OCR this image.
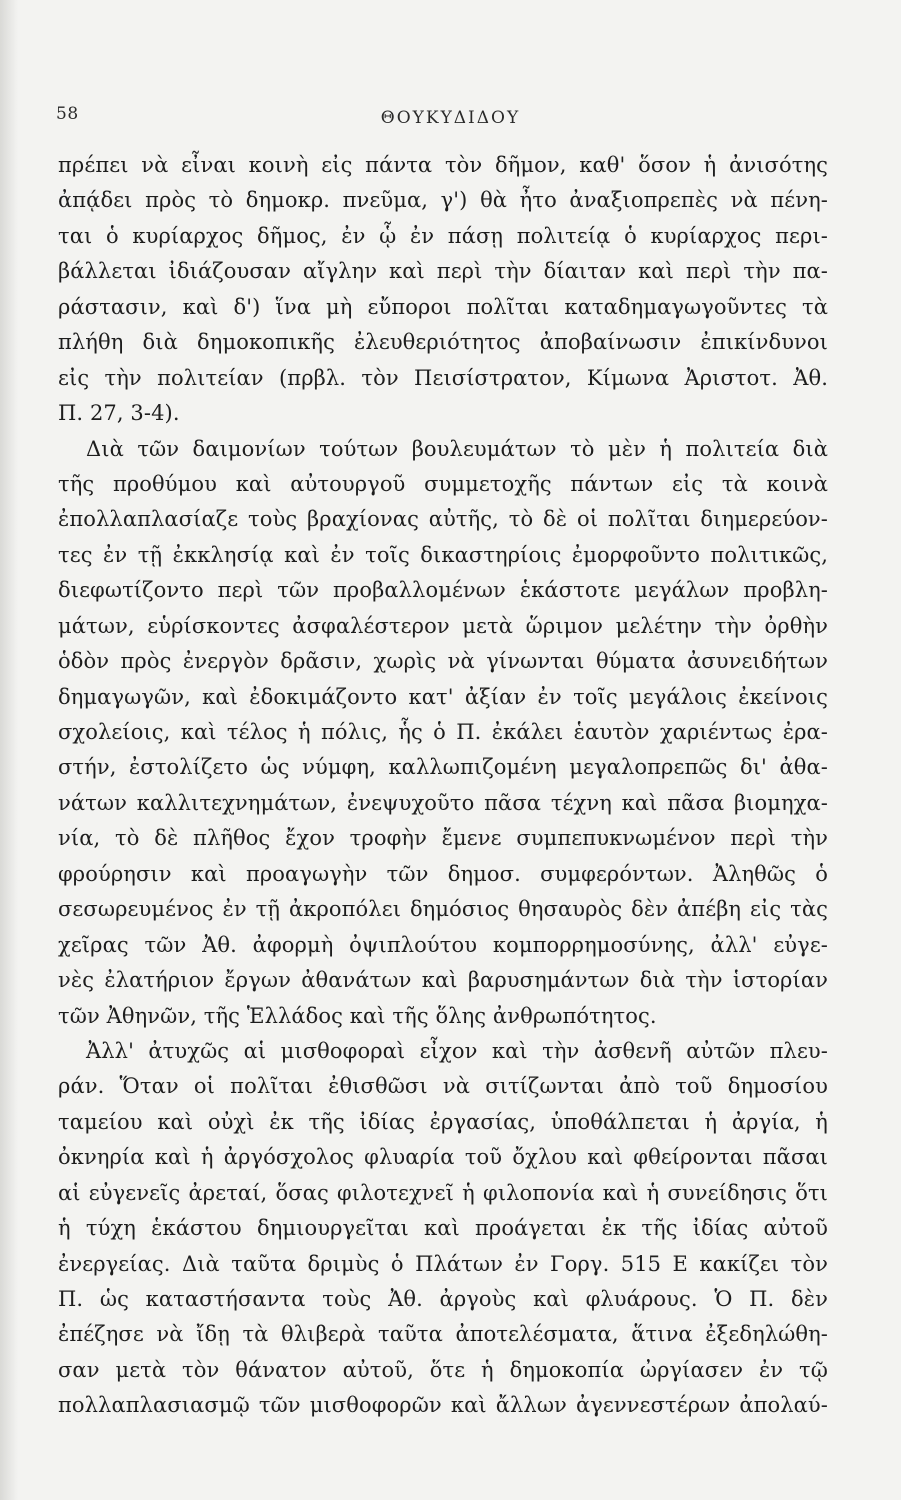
58	ΘΟΥΚΥΔΙΔΟΥ
πρέπει νὰ εἶναι κοινὴ εἰς πάντα τὸν δῆμον, καθ' ὅσον ἡ ἀνισότης
ἀπᾴδει πρὸς τὸ δημοκρ. πνεῦμα, γ') θὰ ἦτο ἀναξιοπρεπὲς νὰ πένη-
ται ὁ κυρίαρχος δῆμος, ἐν ᾧ ἐν πάσῃ πολιτείᾳ ὁ κυρίαρχος περι-
βάλλεται ἰδιάζουσαν αἴγλην καὶ περὶ τὴν δίαιταν καὶ περὶ τὴν πα-
ράστασιν, καὶ δ') ἵνα μὴ εὔποροι πολῖται καταδημαγωγοῦντες τὰ
πλήθη διὰ δημοκοπικῆς ἐλευθεριότητος ἀποβαίνωσιν ἐπικίνδυνοι
εἰς τὴν πολιτείαν (πρβλ. τὸν Πεισίστρατον, Κίμωνα Ἀριστοτ. Ἀθ.
Π. 27, 3-4).
Διὰ τῶν δαιμονίων τούτων βουλευμάτων τὸ μὲν ἡ πολιτεία διὰ
τῆς προθύμου καὶ αὐτουργοῦ συμμετοχῆς πάντων εἰς τὰ κοινὰ
ἐπολλαπλασίαζε τοὺς βραχίονας αὐτῆς, τὸ δὲ οἱ πολῖται διημερεύον-
τες ἐν τῇ ἐκκλησίᾳ καὶ ἐν τοῖς δικαστηρίοις ἐμορφοῦντο πολιτικῶς,
διεφωτίζοντο περὶ τῶν προβαλλομένων ἑκάστοτε μεγάλων προβλη-
μάτων, εὑρίσκοντες ἀσφαλέστερον μετὰ ὥριμον μελέτην τὴν ὀρθὴν
ὁδὸν πρὸς ἐνεργὸν δρᾶσιν, χωρὶς νὰ γίνωνται θύματα ἀσυνειδήτων
δημαγωγῶν, καὶ ἐδοκιμάζοντο κατ' ἀξίαν ἐν τοῖς μεγάλοις ἐκείνοις
σχολείοις, καὶ τέλος ἡ πόλις, ἧς ὁ Π. ἐκάλει ἑαυτὸν χαριέντως ἐρα-
στήν, ἐστολίζετο ὡς νύμφη, καλλωπιζομένη μεγαλοπρεπῶς δι' ἀθα-
νάτων καλλιτεχνημάτων, ἐνεψυχοῦτο πᾶσα τέχνη καὶ πᾶσα βιομηχα-
νία, τὸ δὲ πλῆθος ἔχον τροφὴν ἔμενε συμπεπυκνωμένον περὶ τὴν
φρούρησιν καὶ προαγωγὴν τῶν δημοσ. συμφερόντων. Ἀληθῶς ὁ
σεσωρευμένος ἐν τῇ ἀκροπόλει δημόσιος θησαυρὸς δὲν ἀπέβη εἰς τὰς
χεῖρας τῶν Ἀθ. ἀφορμὴ ὀψιπλούτου κομπορρημοσύνης, ἀλλ' εὐγε-
νὲς ἐλατήριον ἔργων ἀθανάτων καὶ βαρυσημάντων διὰ τὴν ἱστορίαν
τῶν Ἀθηνῶν, τῆς Ἑλλάδος καὶ τῆς ὅλης ἀνθρωπότητος.
Ἀλλ' ἀτυχῶς αἱ μισθοφοραὶ εἶχον καὶ τὴν ἀσθενῆ αὐτῶν πλευ-
ράν. Ὅταν οἱ πολῖται ἐθισθῶσι νὰ σιτίζωνται ἀπὸ τοῦ δημοσίου
ταμείου καὶ οὐχὶ ἐκ τῆς ἰδίας ἐργασίας, ὑποθάλπεται ἡ ἀργία, ἡ
ὀκνηρία καὶ ἡ ἀργόσχολος φλυαρία τοῦ ὄχλου καὶ φθείρονται πᾶσαι
αἱ εὐγενεῖς ἀρεταί, ὅσας φιλοτεχνεῖ ἡ φιλοπονία καὶ ἡ συνείδησις ὅτι
ἡ τύχη ἑκάστου δημιουργεῖται καὶ προάγεται ἐκ τῆς ἰδίας αὐτοῦ
ἐνεργείας. Διὰ ταῦτα δριμὺς ὁ Πλάτων ἐν Γοργ. 515 Ε κακίζει τὸν
Π. ὡς καταστήσαντα τοὺς Ἀθ. ἀργοὺς καὶ φλυάρους. Ὁ Π. δὲν
ἐπέζησε νὰ ἴδῃ τὰ θλιβερὰ ταῦτα ἀποτελέσματα, ἅτινα ἐξεδηλώθη-
σαν μετὰ τὸν θάνατον αὐτοῦ, ὅτε ἡ δημοκοπία ὠργίασεν ἐν τῷ
πολλαπλασιασμῷ τῶν μισθοφορῶν καὶ ἄλλων ἀγεννεστέρων ἀπολαύ-
